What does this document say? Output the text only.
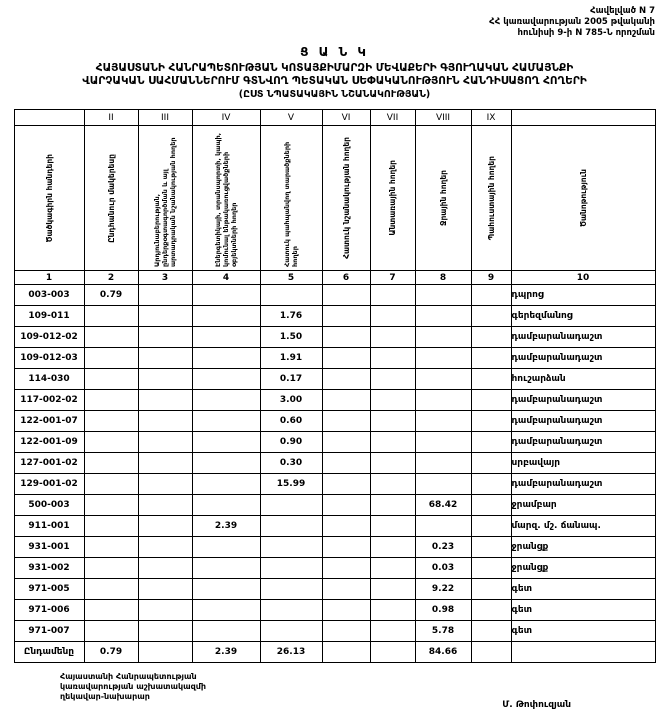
Հավելված N 7
ՀՀ կառավարության 2005 թվականի
հունիսի 9-ի N 785-Ն որոշման
Ց Ա Ն Կ
ՀԱՅԱՍՏԱՆԻ ՀԱՆՐԱՊԵՏՈՒԹՅԱՆ ԿՈՏԱՅՔԻՄԱՐԶԻ ՄԵՎԱՔԵՐԻ ԳՅՈՒՂԱԿԱՆ ՀԱՄԱՅՆՔԻ
ՎԱՐՉԱԿԱՆ ՍԱՀՄԱՆՆԵՐՈՒՄ ԳՏՆՎՈՂ ՊԵՏԱԿԱՆ ՍԵՓԱԿԱՆՈՒԹՅՈՒՆ ՀԱՆԴԻՍԱՑՈՂ ՀՈՂԵՐԻ
(ԸՍՏ ՆՊԱՏԱԿԱՅԻՆ ՆՇԱՆԱԿՈՒԹՅԱՆ)
	II	III	IV	V	VI	VII	VIII	IX	

Ծածկագիրն հանդերի	Ընդհանուր մակերեսը	Արդյունաբերության, ընդերքօգտագործման և այլ արտադրական նշանակության հողեր	Էներգետիկայի, տրանսպորտի, կապի, կոմունալ ենթակառուցվածքների օբյեկտների հողեր	Հատուկ պահպանվող տարածքների հողեր	Հատուկ նշանակության հողեր	Անտառային հողեր	Ջրային հողեր	Պահուստային հողեր	Ծանոթություն

1	2	3	4	5	6	7	8	9	10
003-003	0.79								դպրոց
109-011				1.76					գերեզմանոց
109-012-02				1.50					դամբարանադաշտ
109-012-03				1.91					դամբարանադաշտ
114-030				0.17					հուշարձան
117-002-02				3.00					դամբարանադաշտ
122-001-07				0.60					դամբարանադաշտ
122-001-09				0.90					դամբարանադաշտ
127-001-02				0.30					սրբավայր
129-001-02				15.99					դամբարանադաշտ
500-003							68.42		ջրամբար
911-001			2.39						մարզ. մշ. ճանապ.
931-001							0.23		ջրանցք
931-002							0.03		ջրանցք
971-005							9.22		գետ
971-006							0.98		գետ
971-007							5.78		գետ
Ընդամենը	0.79		2.39	26.13			84.66		
Հայաստանի Հանրապետության
կառավարության աշխատակազմի
ղեկավար-նախարար
Մ. Թոփուզյան
